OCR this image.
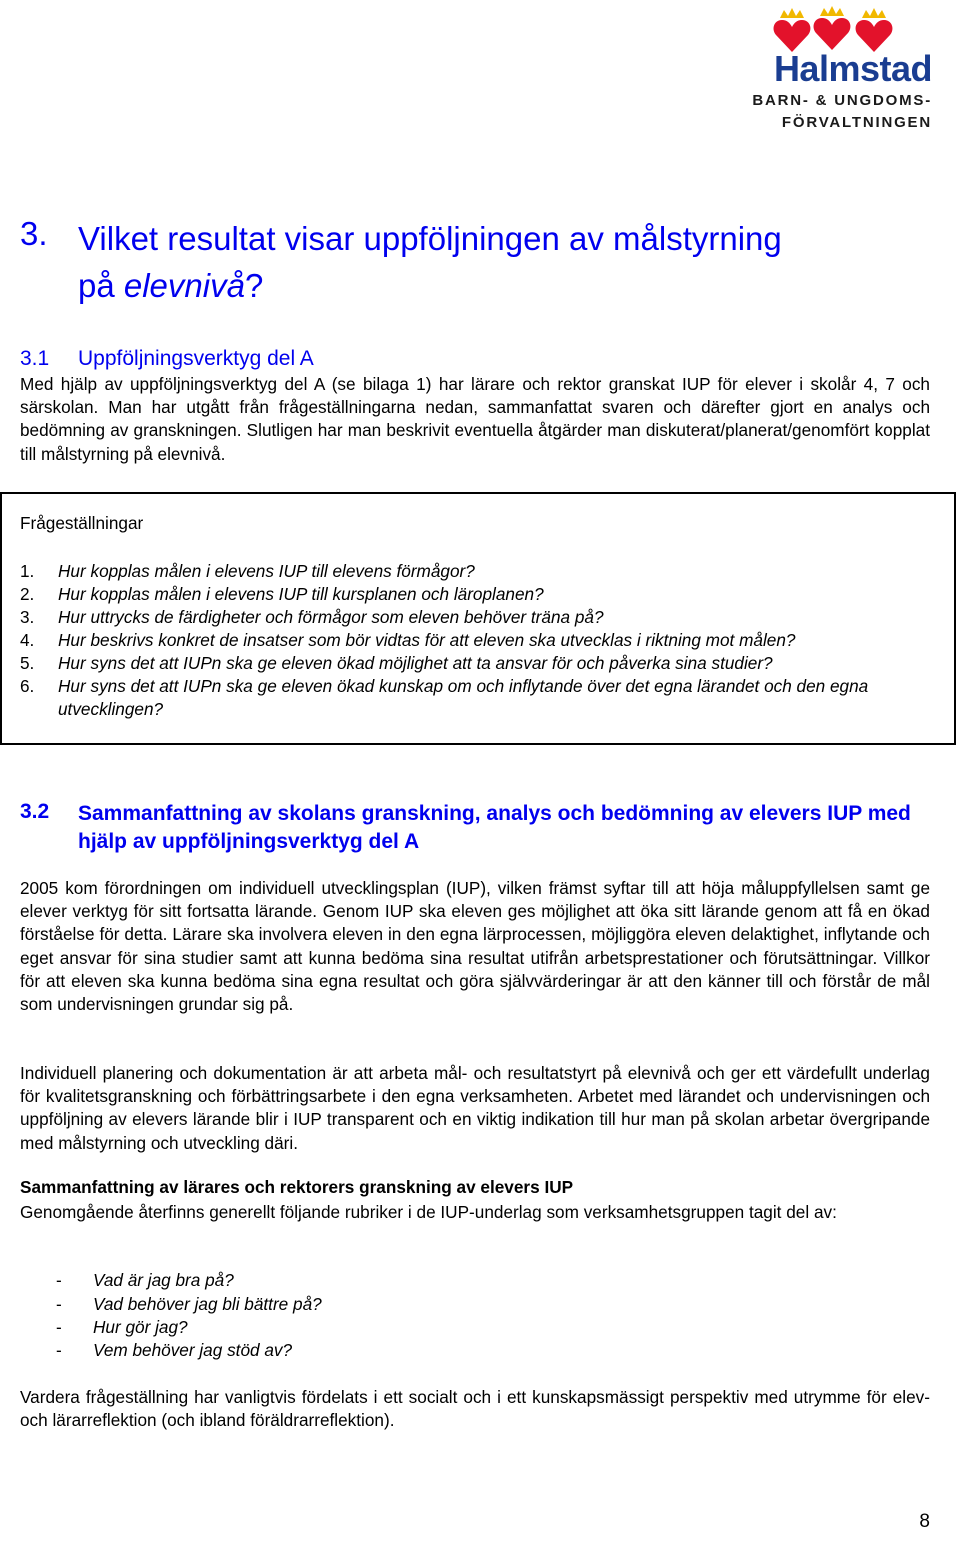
Halmstad
BARN- & UNGDOMS-
FÖRVALTNINGEN
3. Vilket resultat visar uppföljningen av målstyrning
på elevnivå?
3.1 Uppföljningsverktyg del A
Med hjälp av uppföljningsverktyg del A (se bilaga 1) har lärare och rektor granskat IUP för elever i skolår 4, 7 och särskolan. Man har utgått från frågeställningarna nedan, sammanfattat svaren och därefter gjort en analys och bedömning av granskningen. Slutligen har man beskrivit eventuella åtgärder man diskuterat/planerat/genomfört kopplat till målstyrning på elevnivå.
Frågeställningar
1. Hur kopplas målen i elevens IUP till elevens förmågor?
2. Hur kopplas målen i elevens IUP till kursplanen och läroplanen?
3. Hur uttrycks de färdigheter och förmågor som eleven behöver träna på?
4. Hur beskrivs konkret de insatser som bör vidtas för att eleven ska utvecklas i riktning mot målen?
5. Hur syns det att IUPn ska ge eleven ökad möjlighet att ta ansvar för och påverka sina studier?
6. Hur syns det att IUPn ska ge eleven ökad kunskap om och inflytande över det egna lärandet och den egna utvecklingen?
3.2 Sammanfattning av skolans granskning, analys och bedömning av elevers IUP med hjälp av uppföljningsverktyg del A
2005 kom förordningen om individuell utvecklingsplan (IUP), vilken främst syftar till att höja måluppfyllelsen samt ge elever verktyg för sitt fortsatta lärande. Genom IUP ska eleven ges möjlighet att öka sitt lärande genom att få en ökad förståelse för detta. Lärare ska involvera eleven in den egna lärprocessen, möjliggöra eleven delaktighet, inflytande och eget ansvar för sina studier samt att kunna bedöma sina resultat utifrån arbetsprestationer och förutsättningar. Villkor för att eleven ska kunna bedöma sina egna resultat och göra självvärderingar är att den känner till och förstår de mål som undervisningen grundar sig på.
Individuell planering och dokumentation är att arbeta mål- och resultatstyrt på elevnivå och ger ett värdefullt underlag för kvalitetsgranskning och förbättringsarbete i den egna verksamheten. Arbetet med lärandet och undervisningen och uppföljning av elevers lärande blir i IUP transparent och en viktig indikation till hur man på skolan arbetar övergripande med målstyrning och utveckling däri.
Sammanfattning av lärares och rektorers granskning av elevers IUP
Genomgående återfinns generellt följande rubriker i de IUP-underlag som verksamhetsgruppen tagit del av:
- Vad är jag bra på?
- Vad behöver jag bli bättre på?
- Hur gör jag?
- Vem behöver jag stöd av?
Vardera frågeställning har vanligtvis fördelats i ett socialt och i ett kunskapsmässigt perspektiv med utrymme för elev- och lärarreflektion (och ibland föräldrarreflektion).
8
